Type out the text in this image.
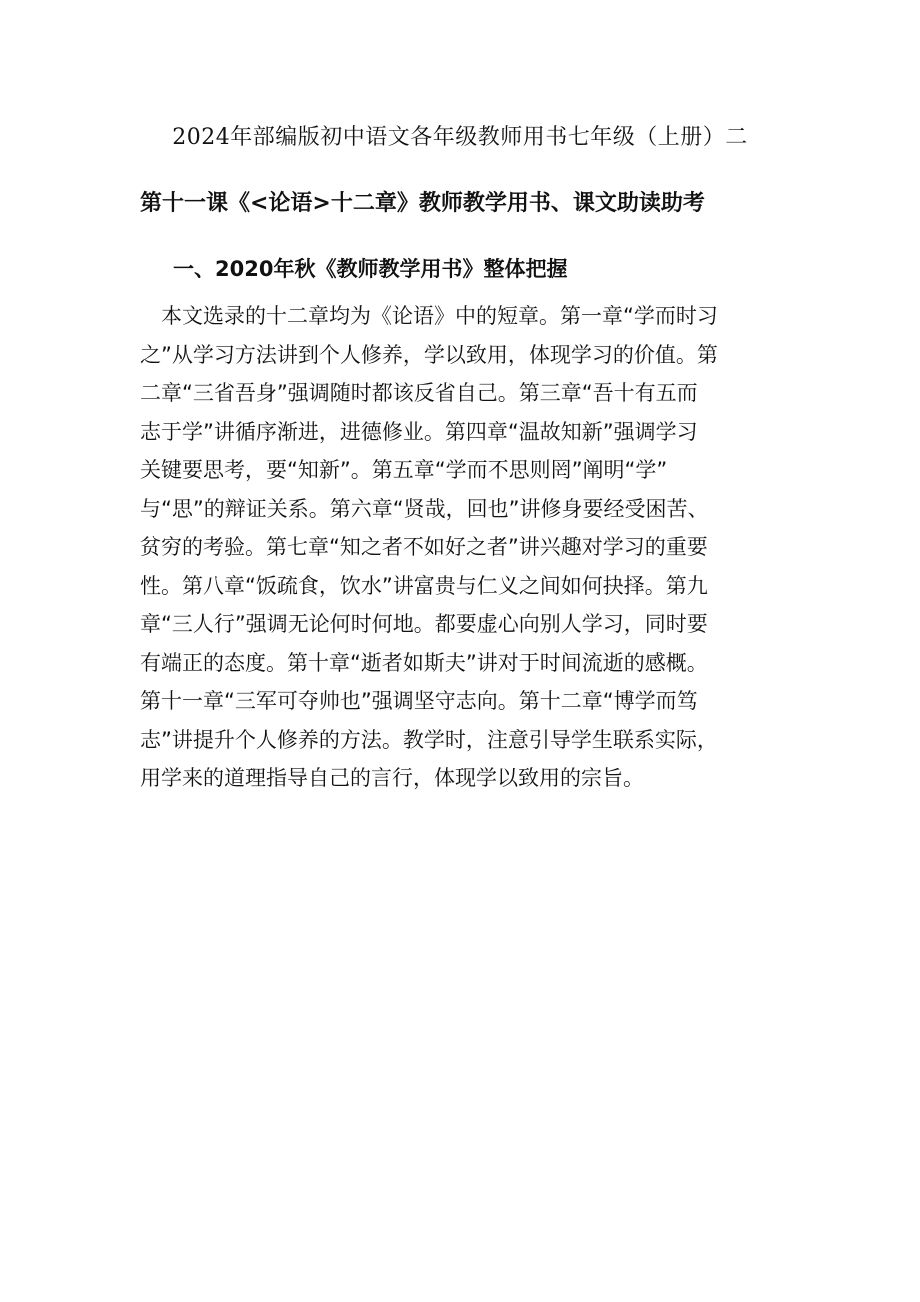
2024年部编版初中语文各年级教师用书七年级（上册）二
第十一课《<论语>十二章》教师教学用书、课文助读助考
一、2020年秋《教师教学用书》整体把握
　本文选录的十二章均为《论语》中的短章。第一章“学而时习
之”从学习方法讲到个人修养，学以致用，体现学习的价值。第
二章“三省吾身”强调随时都该反省自己。第三章“吾十有五而
志于学”讲循序渐进，进德修业。第四章“温故知新”强调学习
关键要思考，要“知新”。第五章“学而不思则罔”阐明“学”
与“思”的辩证关系。第六章“贤哉，回也”讲修身要经受困苦、
贫穷的考验。第七章“知之者不如好之者”讲兴趣对学习的重要
性。第八章“饭疏食，饮水”讲富贵与仁义之间如何抉择。第九
章“三人行”强调无论何时何地。都要虚心向别人学习，同时要
有端正的态度。第十章“逝者如斯夫”讲对于时间流逝的感概。
第十一章“三军可夺帅也”强调坚守志向。第十二章“博学而笃
志”讲提升个人修养的方法。教学时，注意引导学生联系实际，
用学来的道理指导自己的言行，体现学以致用的宗旨。
